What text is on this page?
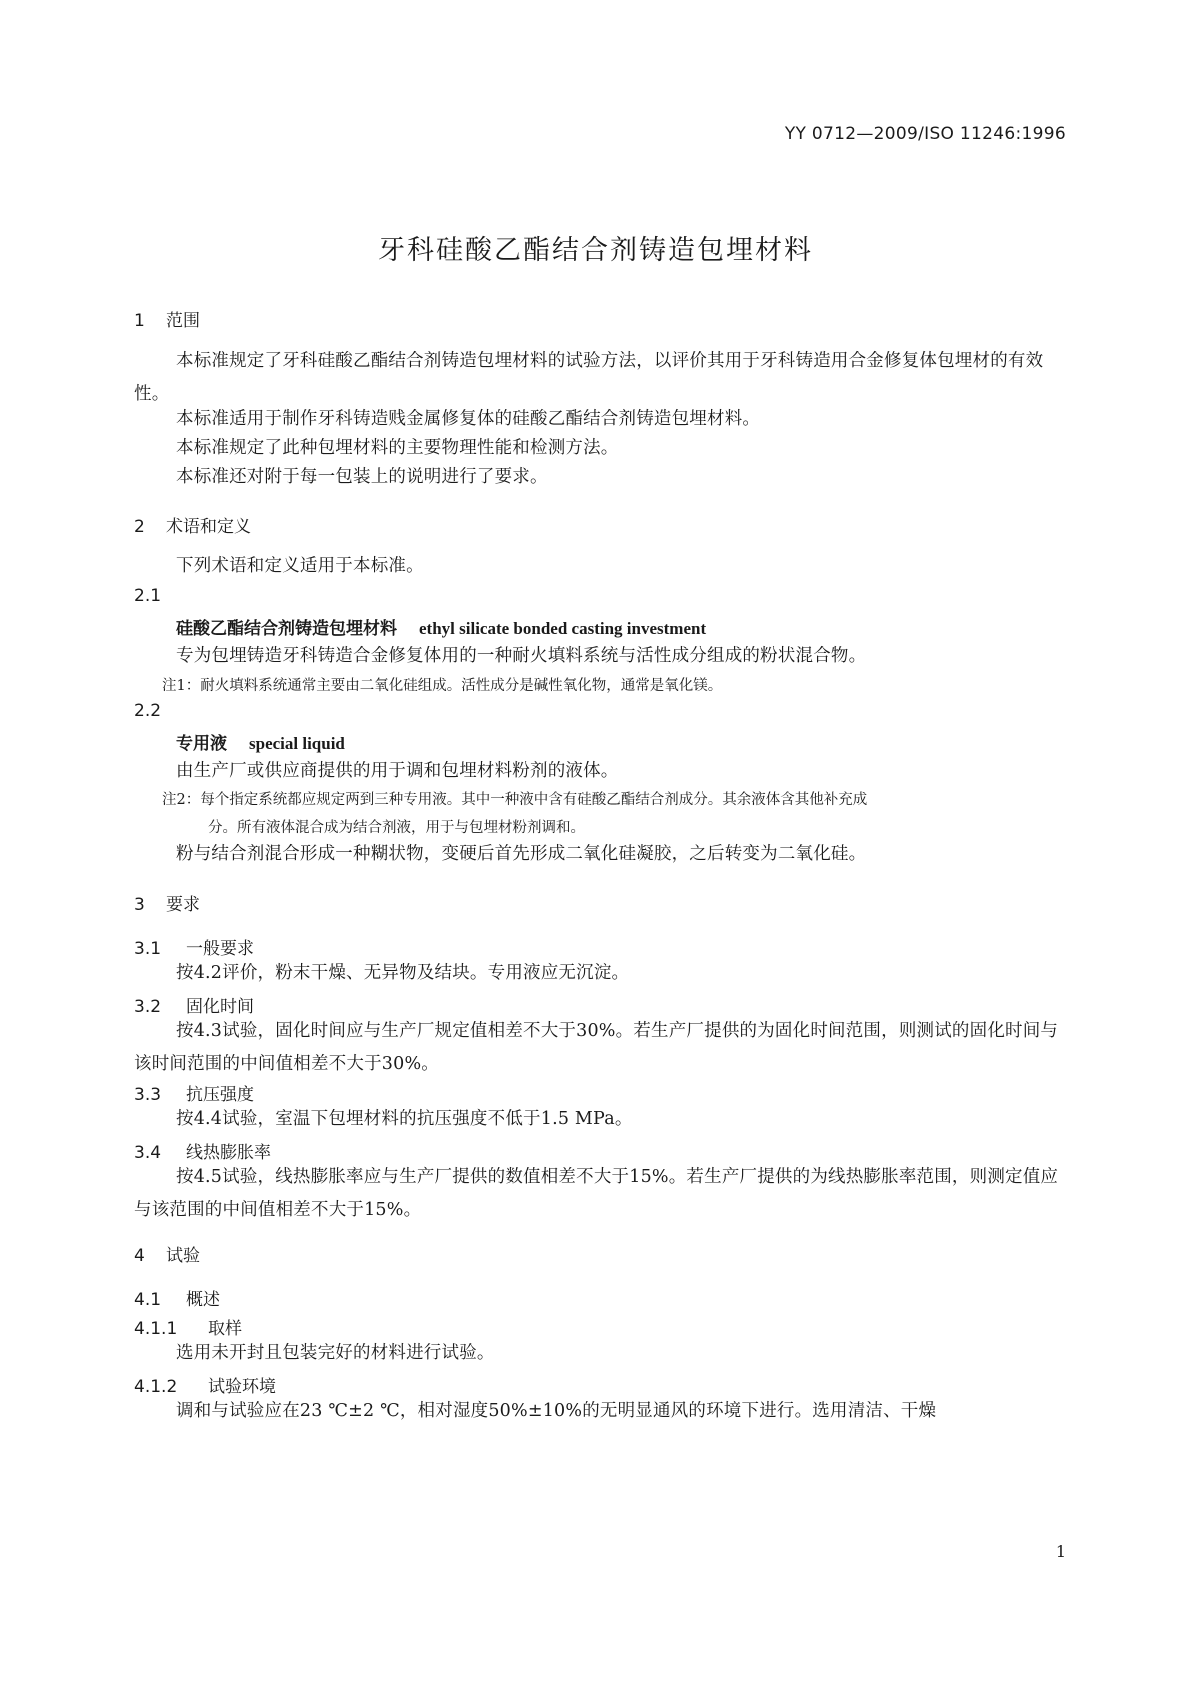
YY 0712—2009/ISO 11246:1996
牙科硅酸乙酯结合剂铸造包埋材料
1 范围
本标准规定了牙科硅酸乙酯结合剂铸造包埋材料的试验方法，以评价其用于牙科铸造用合金修复体包埋材的有效性。
本标准适用于制作牙科铸造贱金属修复体的硅酸乙酯结合剂铸造包埋材料。
本标准规定了此种包埋材料的主要物理性能和检测方法。
本标准还对附于每一包装上的说明进行了要求。
2 术语和定义
下列术语和定义适用于本标准。
2.1
硅酸乙酯结合剂铸造包埋材料 ethyl silicate bonded casting investment
专为包埋铸造牙科铸造合金修复体用的一种耐火填料系统与活性成分组成的粉状混合物。
注1：耐火填料系统通常主要由二氧化硅组成。活性成分是碱性氧化物，通常是氧化镁。
2.2
专用液 special liquid
由生产厂或供应商提供的用于调和包埋材料粉剂的液体。
注2：每个指定系统都应规定两到三种专用液。其中一种液中含有硅酸乙酯结合剂成分。其余液体含其他补充成
分。所有液体混合成为结合剂液，用于与包埋材粉剂调和。
粉与结合剂混合形成一种糊状物，变硬后首先形成二氧化硅凝胶，之后转变为二氧化硅。
3 要求
3.1 一般要求
按4.2评价，粉末干燥、无异物及结块。专用液应无沉淀。
3.2 固化时间
按4.3试验，固化时间应与生产厂规定值相差不大于30%。若生产厂提供的为固化时间范围，则测试的固化时间与该时间范围的中间值相差不大于30%。
3.3 抗压强度
按4.4试验，室温下包埋材料的抗压强度不低于1.5 MPa。
3.4 线热膨胀率
按4.5试验，线热膨胀率应与生产厂提供的数值相差不大于15%。若生产厂提供的为线热膨胀率范围，则测定值应与该范围的中间值相差不大于15%。
4 试验
4.1 概述
4.1.1 取样
选用未开封且包装完好的材料进行试验。
4.1.2 试验环境
调和与试验应在23 ℃±2 ℃，相对湿度50%±10%的无明显通风的环境下进行。选用清洁、干燥
1
